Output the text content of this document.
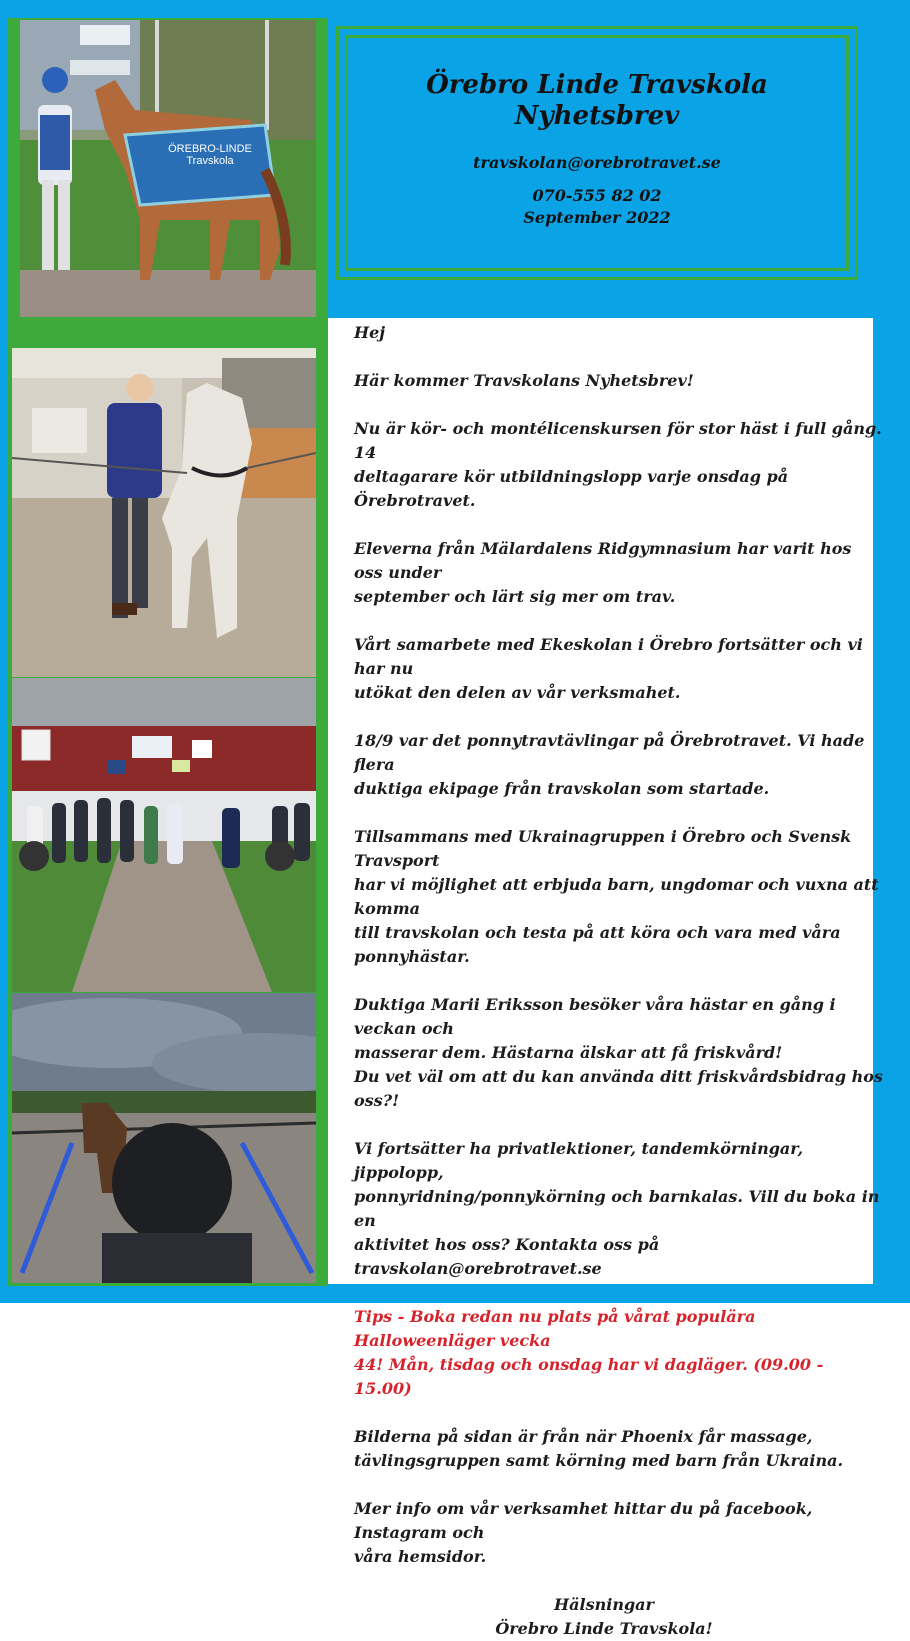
ÖREBRO-LINDE
Travskola
Örebro Linde Travskola
Nyhetsbrev
travskolan@orebrotravet.se
070-555 82 02
September 2022

Hej

Här kommer Travskolans Nyhetsbrev!

Nu är kör- och montélicenskursen för stor häst i full gång. 14
deltagarare kör utbildningslopp varje onsdag på Örebrotravet.

Eleverna från Mälardalens Ridgymnasium har varit hos oss under
september och lärt sig mer om trav.

Vårt samarbete med Ekeskolan i Örebro fortsätter och vi har nu
utökat den delen av vår verksmahet.

18/9 var det ponnytravtävlingar på Örebrotravet. Vi hade flera
duktiga ekipage från travskolan som startade.

Tillsammans med Ukrainagruppen i Örebro och Svensk Travsport
har vi möjlighet att erbjuda barn, ungdomar och vuxna att komma
till travskolan och testa på att köra och vara med våra ponnyhästar.

Duktiga Marii Eriksson besöker våra hästar en gång i veckan och
masserar dem. Hästarna älskar att få friskvård!
Du vet väl om att du kan använda ditt friskvårdsbidrag hos oss?!

Vi fortsätter ha privatlektioner, tandemkörningar, jippolopp,
ponnyridning/ponnykörning och barnkalas. Vill du boka in en
aktivitet hos oss? Kontakta oss på travskolan@orebrotravet.se

Tips - Boka redan nu plats på vårat populära Halloweenläger vecka
44! Mån, tisdag och onsdag har vi dagläger. (09.00 - 15.00)

Bilderna på sidan är från när Phoenix får massage,
tävlingsgruppen samt körning med barn från Ukraina.

Mer info om vår verksamhet hittar du på facebook, Instagram och
våra hemsidor.

Hälsningar

Örebro Linde Travskola!
